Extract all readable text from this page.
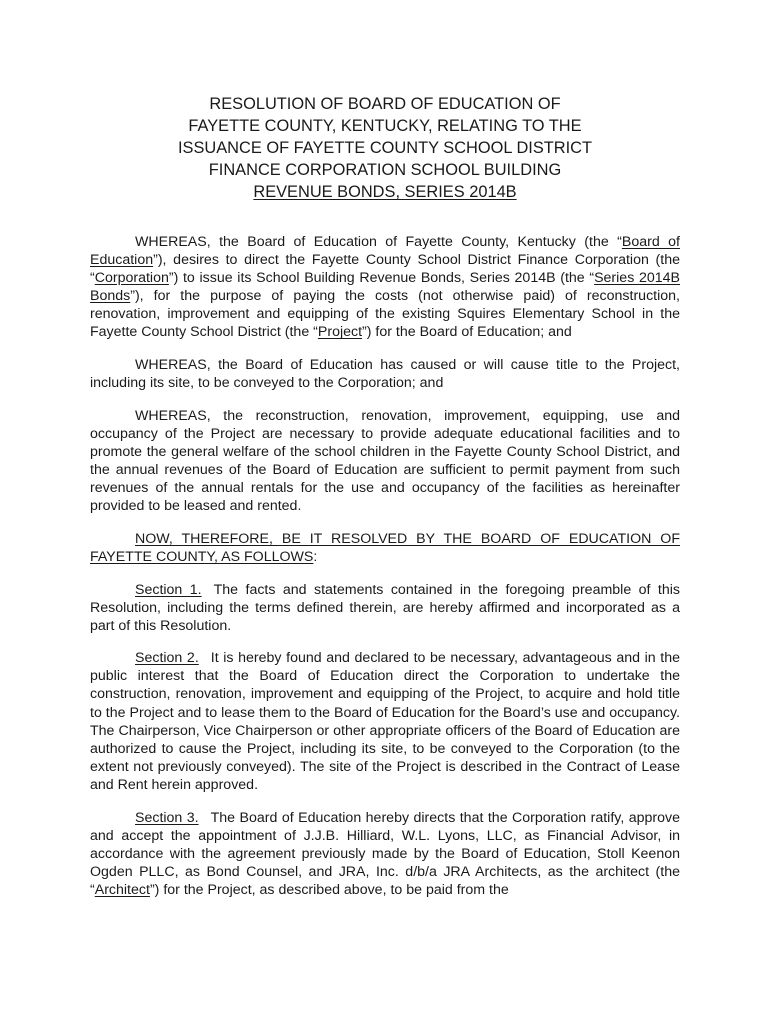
RESOLUTION OF BOARD OF EDUCATION OF
FAYETTE COUNTY, KENTUCKY, RELATING TO THE
ISSUANCE OF FAYETTE COUNTY SCHOOL DISTRICT
FINANCE CORPORATION SCHOOL BUILDING
REVENUE BONDS, SERIES 2014B

WHEREAS, the Board of Education of Fayette County, Kentucky (the “Board of Education”), desires to direct the Fayette County School District Finance Corporation (the “Corporation”) to issue its School Building Revenue Bonds, Series 2014B (the “Series 2014B Bonds”), for the purpose of paying the costs (not otherwise paid) of reconstruction, renovation, improvement and equipping of the existing Squires Elementary School in the Fayette County School District (the “Project”) for the Board of Education; and

WHEREAS, the Board of Education has caused or will cause title to the Project, including its site, to be conveyed to the Corporation; and

WHEREAS, the reconstruction, renovation, improvement, equipping, use and occupancy of the Project are necessary to provide adequate educational facilities and to promote the general welfare of the school children in the Fayette County School District, and the annual revenues of the Board of Education are sufficient to permit payment from such revenues of the annual rentals for the use and occupancy of the facilities as hereinafter provided to be leased and rented.

NOW, THEREFORE, BE IT RESOLVED BY THE BOARD OF EDUCATION OF FAYETTE COUNTY, AS FOLLOWS:

Section 1. The facts and statements contained in the foregoing preamble of this Resolution, including the terms defined therein, are hereby affirmed and incorporated as a part of this Resolution.

Section 2. It is hereby found and declared to be necessary, advantageous and in the public interest that the Board of Education direct the Corporation to undertake the construction, renovation, improvement and equipping of the Project, to acquire and hold title to the Project and to lease them to the Board of Education for the Board’s use and occupancy. The Chairperson, Vice Chairperson or other appropriate officers of the Board of Education are authorized to cause the Project, including its site, to be conveyed to the Corporation (to the extent not previously conveyed). The site of the Project is described in the Contract of Lease and Rent herein approved.

Section 3. The Board of Education hereby directs that the Corporation ratify, approve and accept the appointment of J.J.B. Hilliard, W.L. Lyons, LLC, as Financial Advisor, in accordance with the agreement previously made by the Board of Education, Stoll Keenon Ogden PLLC, as Bond Counsel, and JRA, Inc. d/b/a JRA Architects, as the architect (the “Architect”) for the Project, as described above, to be paid from the
